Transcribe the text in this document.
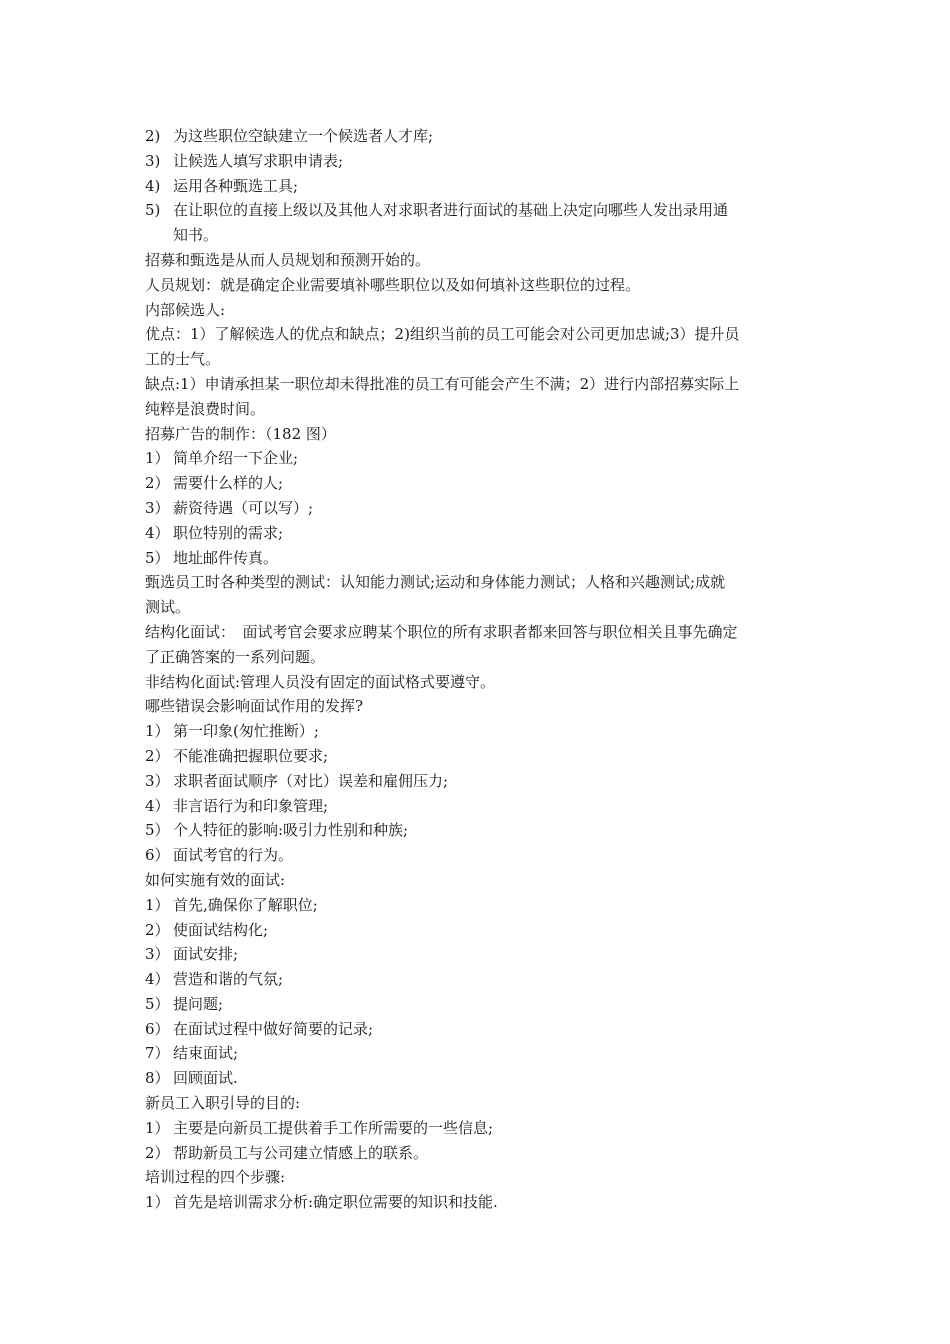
2) 为这些职位空缺建立一个候选者人才库;
3) 让候选人填写求职申请表;
4) 运用各种甄选工具;
5) 在让职位的直接上级以及其他人对求职者进行面试的基础上决定向哪些人发出录用通
知书。
招募和甄选是从而人员规划和预测开始的。
人员规划：就是确定企业需要填补哪些职位以及如何填补这些职位的过程。
内部候选人:
优点：1）了解候选人的优点和缺点；2)组织当前的员工可能会对公司更加忠诚;3）提升员
工的士气。
缺点:1）申请承担某一职位却未得批准的员工有可能会产生不满；2）进行内部招募实际上
纯粹是浪费时间。
招募广告的制作：（182 图）
1） 简单介绍一下企业;
2） 需要什么样的人;
3） 薪资待遇（可以写）;
4） 职位特别的需求;
5） 地址邮件传真。
甄选员工时各种类型的测试：认知能力测试;运动和身体能力测试；人格和兴趣测试;成就
测试。
结构化面试：　面试考官会要求应聘某个职位的所有求职者都来回答与职位相关且事先确定
了正确答案的一系列问题。
非结构化面试:管理人员没有固定的面试格式要遵守。
哪些错误会影响面试作用的发挥?
1） 第一印象(匆忙推断）;
2） 不能准确把握职位要求;
3） 求职者面试顺序（对比）误差和雇佣压力;
4） 非言语行为和印象管理;
5） 个人特征的影响:吸引力性别和种族;
6） 面试考官的行为。
如何实施有效的面试:
1） 首先,确保你了解职位;
2） 使面试结构化;
3） 面试安排;
4） 营造和谐的气氛;
5） 提问题;
6） 在面试过程中做好简要的记录;
7） 结束面试;
8） 回顾面试.
新员工入职引导的目的:
1） 主要是向新员工提供着手工作所需要的一些信息;
2） 帮助新员工与公司建立情感上的联系。
培训过程的四个步骤:
1） 首先是培训需求分析:确定职位需要的知识和技能.
